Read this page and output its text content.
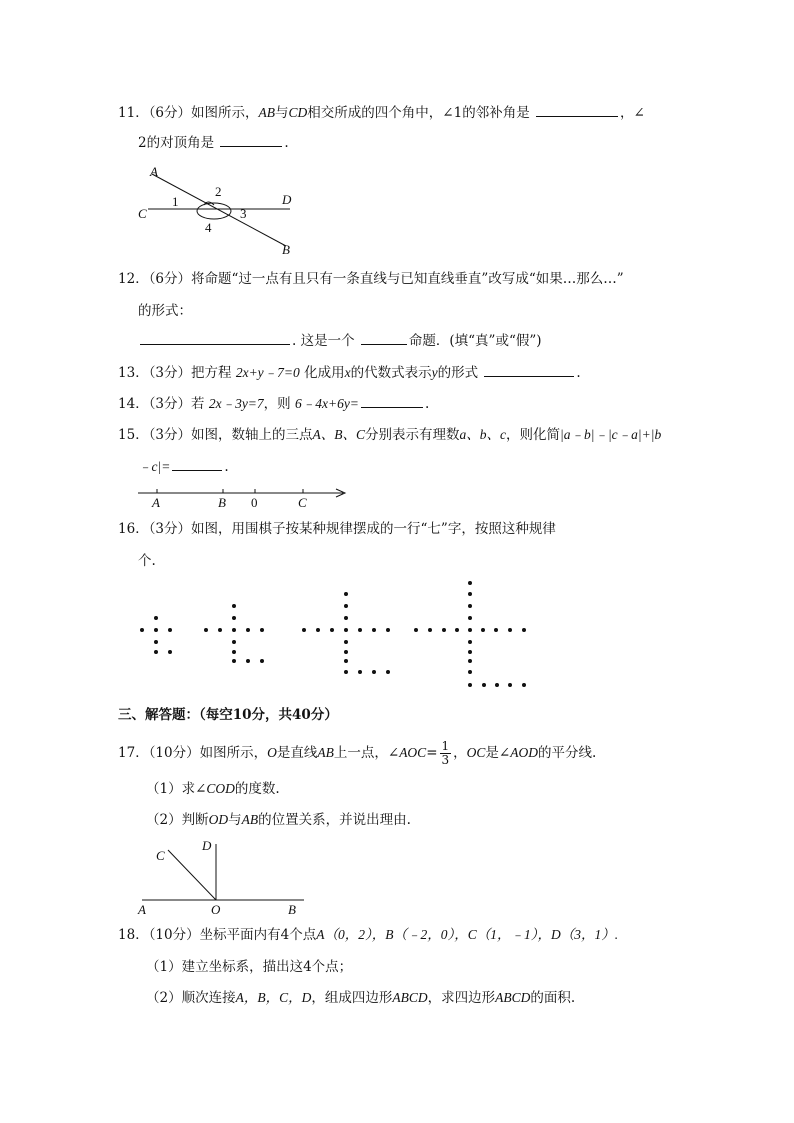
11．（6分）如图所示，AB与CD相交所成的四个角中，∠1的邻补角是	，∠
2的对顶角是	.
A
C
D
B
1
2
3
4
12．（6分）将命题“过一点有且只有一条直线与已知直线垂直”改写成“如果…那么…”
的形式：
. 这是一个	命题．(填“真”或“假”)
13．（3分）把方程 2x+y﹣7=0 化成用x的代数式表示y的形式	.
14．（3分）若 2x﹣3y=7，则 6﹣4x+6y=	.
15．（3分）如图，数轴上的三点A、B、C分别表示有理数a、b、c，则化简|a﹣b|﹣|c﹣a|+|b
﹣c|=	.
A	B 0	C
16．（3分）如图，用围棋子按某种规律摆成的一行“七”字，按照这种规律
个.
三、解答题：（每空10分，共40分）
17．（10分）如图所示，O是直线AB上一点，∠AOC= $\frac{1}{3}$ ，OC是∠AOD的平分线.
（1）求∠COD的度数.
（2）判断OD与AB的位置关系，并说出理由.
D
C
A	O	B
18．（10分）坐标平面内有4个点A（0，2），B（﹣2，0），C（1，﹣1），D（3，1）.
（1）建立坐标系，描出这4个点；
（2）顺次连接A，B，C，D，组成四边形ABCD，求四边形ABCD的面积.
